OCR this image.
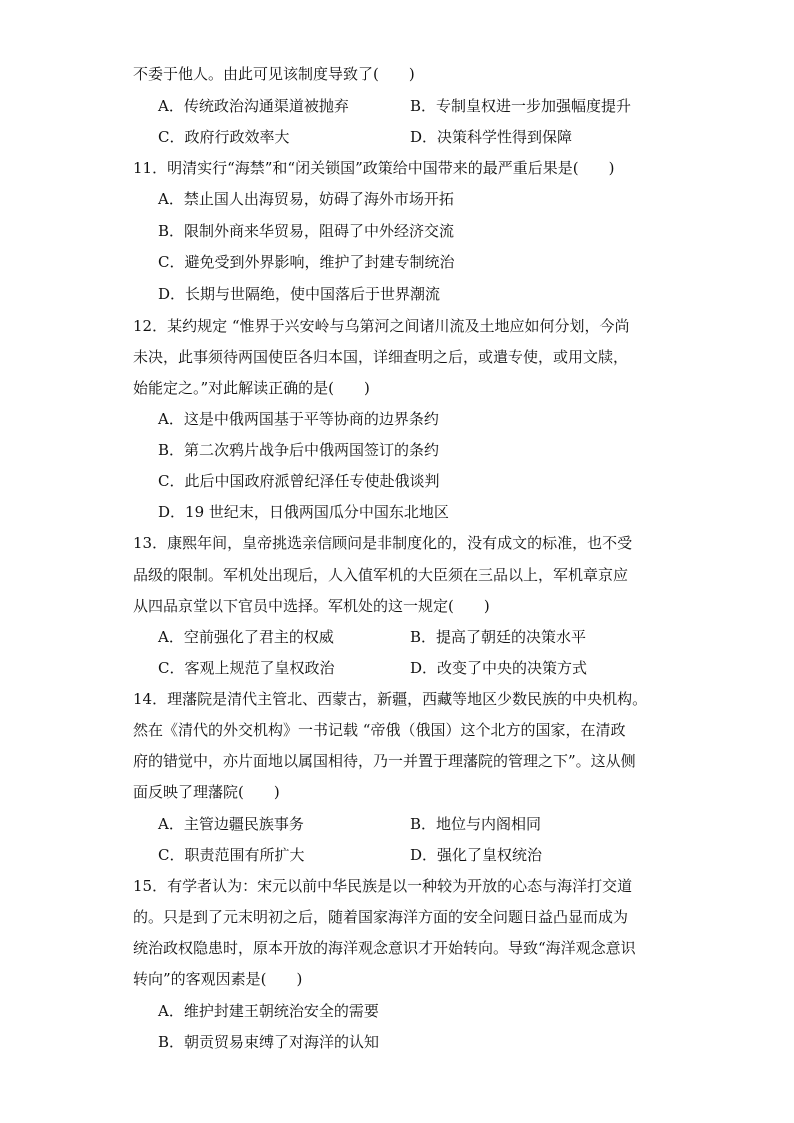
不委于他人。由此可见该制度导致了(　　)
A．传统政治沟通渠道被抛弃	B．专制皇权进一步加强幅度提升
C．政府行政效率大	D．决策科学性得到保障
11．明清实行“海禁”和“闭关锁国”政策给中国带来的最严重后果是(　　)
A．禁止国人出海贸易，妨碍了海外市场开拓
B．限制外商来华贸易，阻碍了中外经济交流
C．避免受到外界影响，维护了封建专制统治
D．长期与世隔绝，使中国落后于世界潮流
12．某约规定 “惟界于兴安岭与乌第河之间诸川流及土地应如何分划，今尚
未决，此事须待两国使臣各归本国，详细查明之后，或遣专使，或用文牍，
始能定之。”对此解读正确的是(　　)
A．这是中俄两国基于平等协商的边界条约
B．第二次鸦片战争后中俄两国签订的条约
C．此后中国政府派曾纪泽任专使赴俄谈判
D．19 世纪末，日俄两国瓜分中国东北地区
13．康熙年间，皇帝挑选亲信顾问是非制度化的，没有成文的标准，也不受
品级的限制。军机处出现后，人入值军机的大臣须在三品以上，军机章京应
从四品京堂以下官员中选择。军机处的这一规定(　　)
A．空前强化了君主的权威	B．提高了朝廷的决策水平
C．客观上规范了皇权政治	D．改变了中央的决策方式
14．理藩院是清代主管北、西蒙古，新疆，西藏等地区少数民族的中央机构。
然在《清代的外交机构》一书记载 “帝俄（俄国）这个北方的国家，在清政
府的错觉中，亦片面地以属国相待，乃一并置于理藩院的管理之下”。这从侧
面反映了理藩院(　　)
A．主管边疆民族事务	B．地位与内阁相同
C．职责范围有所扩大	D．强化了皇权统治
15．有学者认为：宋元以前中华民族是以一种较为开放的心态与海洋打交道
的。只是到了元末明初之后，随着国家海洋方面的安全问题日益凸显而成为
统治政权隐患时，原本开放的海洋观念意识才开始转向。导致“海洋观念意识
转向”的客观因素是(　　)
A．维护封建王朝统治安全的需要
B．朝贡贸易束缚了对海洋的认知
